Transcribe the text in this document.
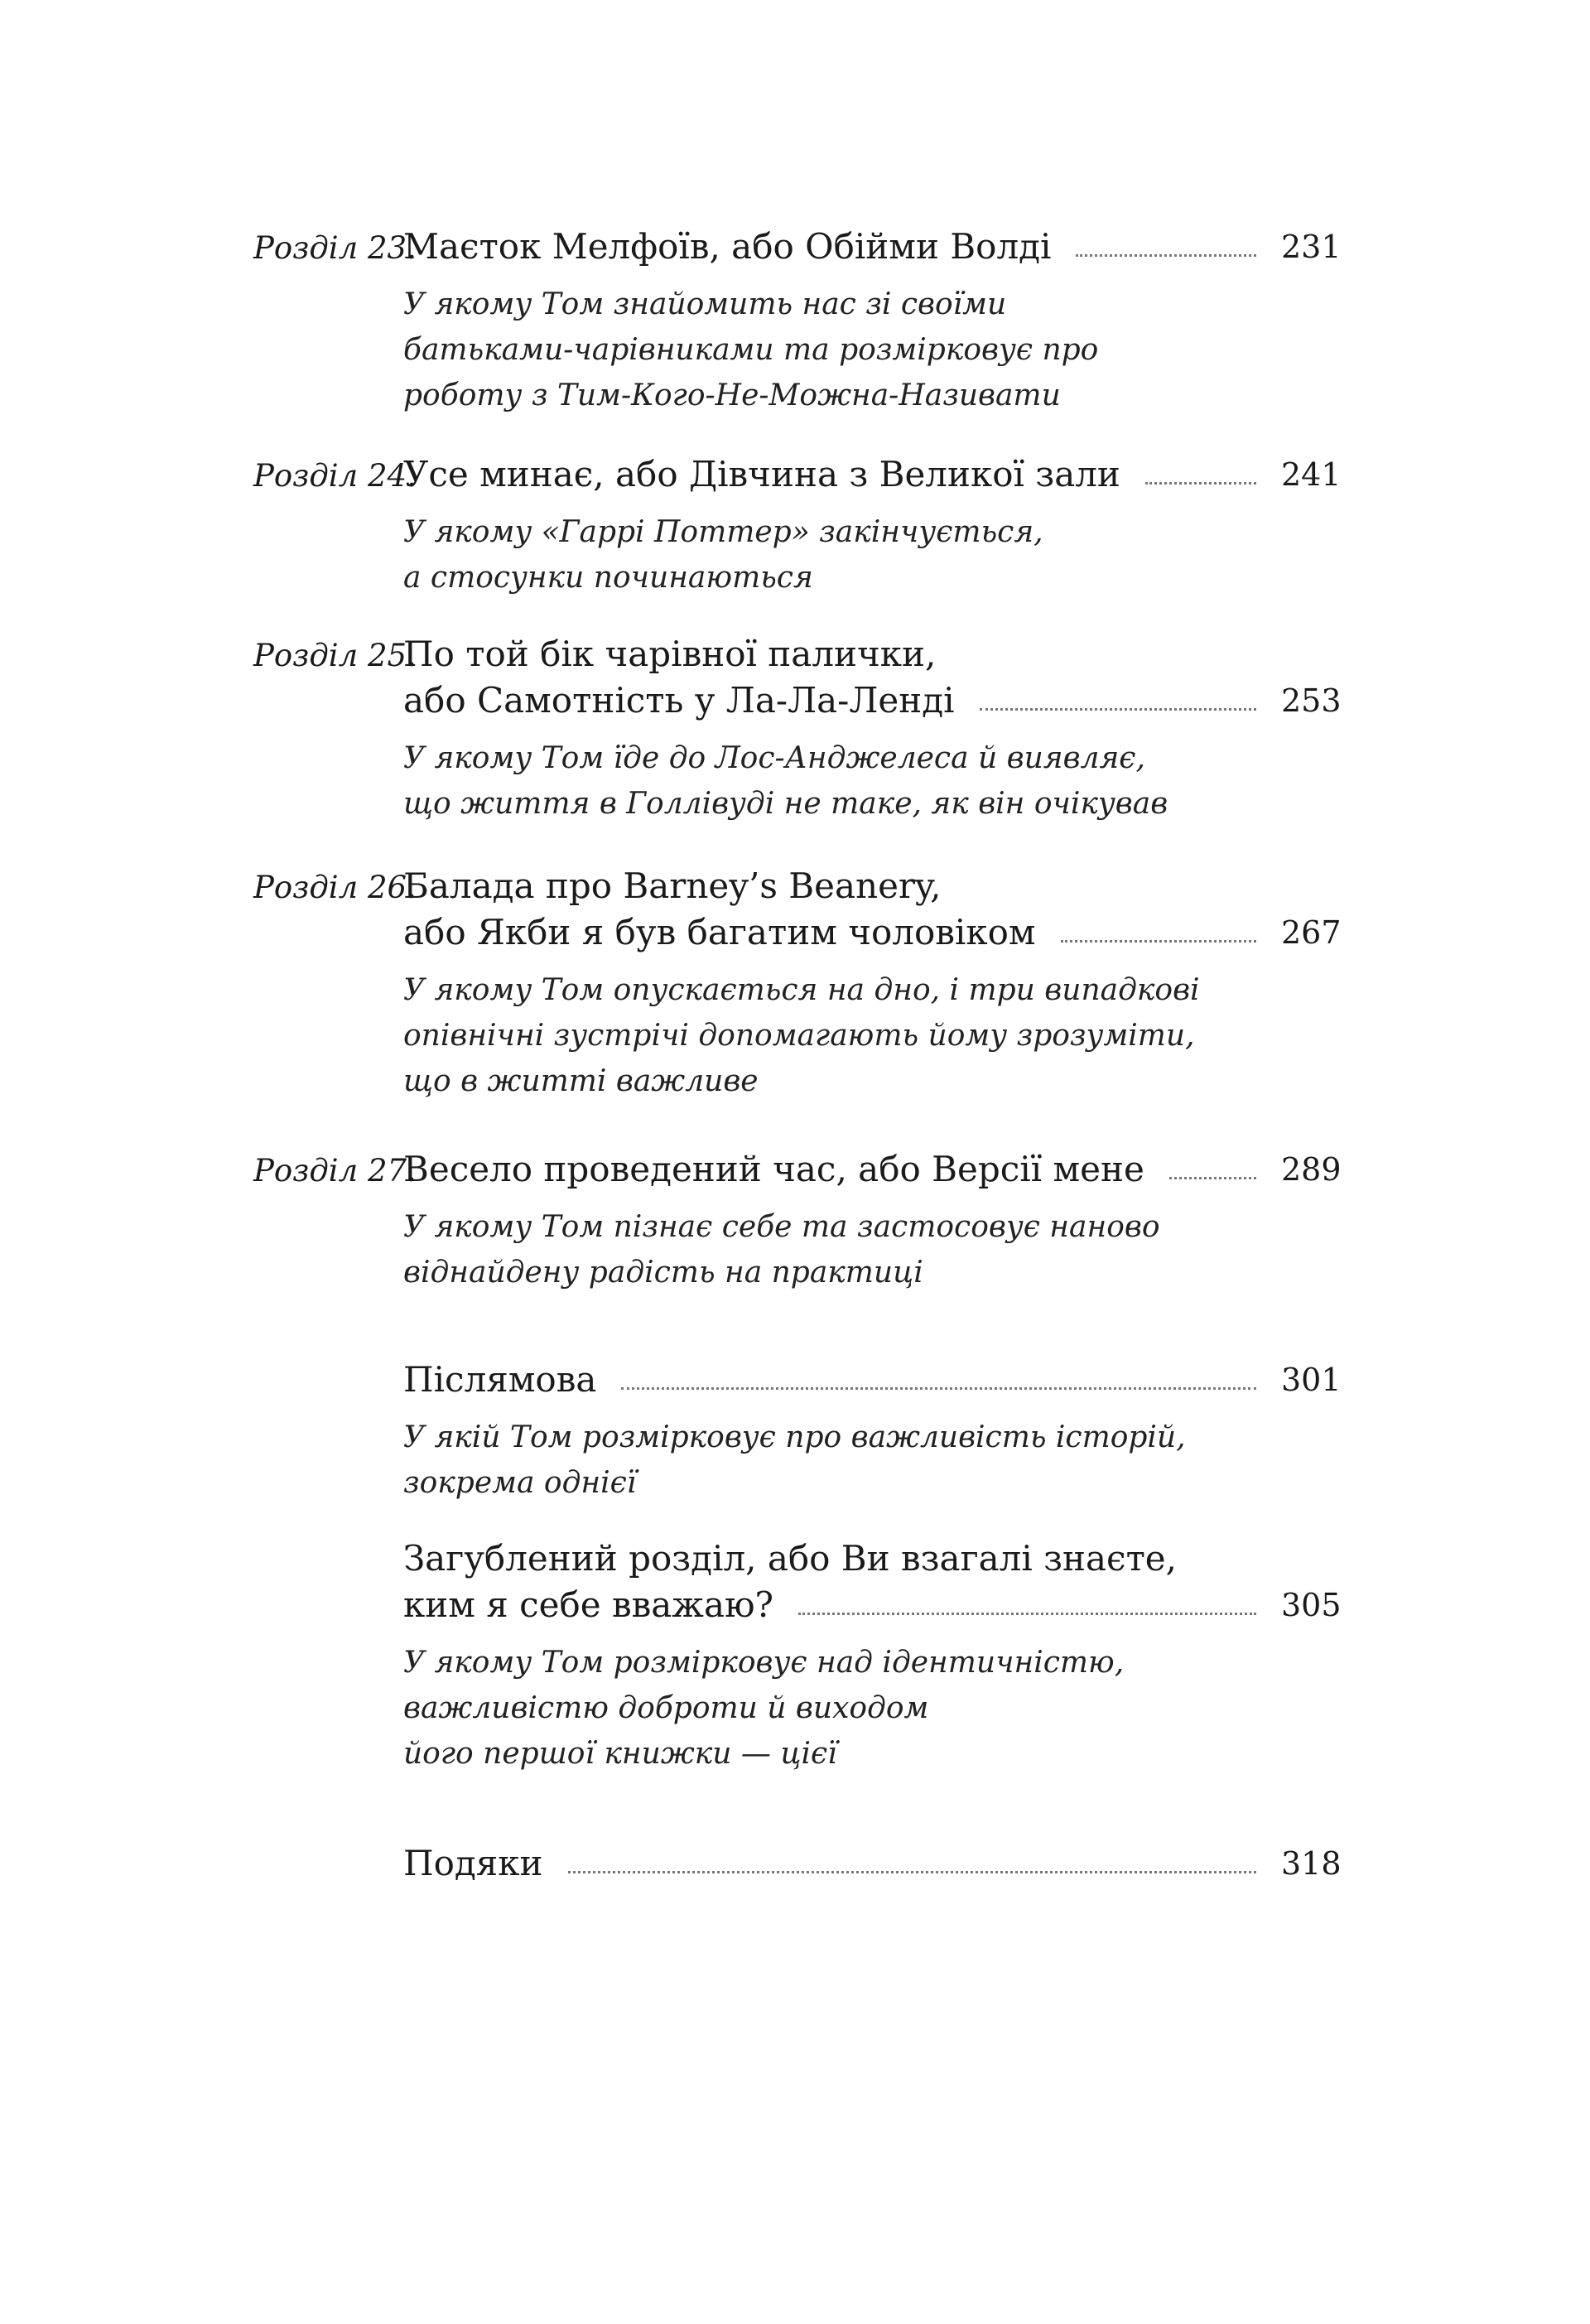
Розділ 23.
Маєток Мелфоїв, або Обійми Волді	231
У якому Том знайомить нас зі своїми
батьками-чарівниками та розмірковує про
роботу з Тим-Кого-Не-Можна-Називати
Розділ 24.
Усе минає, або Дівчина з Великої зали	241
У якому «Гаррі Поттер» закінчується,
а стосунки починаються
Розділ 25.
По той бік чарівної палички,
або Самотність у Ла-Ла-Ленді	253
У якому Том їде до Лос-Анджелеса й виявляє,
що життя в Голлівуді не таке, як він очікував
Розділ 26.
Балада про Barney’s Beanery,
або Якби я був багатим чоловіком	267
У якому Том опускається на дно, і три випадкові
опівнічні зустрічі допомагають йому зрозуміти,
що в житті важливе
Розділ 27.
Весело проведений час, або Версії мене	289
У якому Том пізнає себе та застосовує наново
віднайдену радість на практиці
Післямова	301
У якій Том розмірковує про важливість історій,
зокрема однієї
Загублений розділ, або Ви взагалі знаєте,
ким я себе вважаю?	305
У якому Том розмірковує над ідентичністю,
важливістю доброти й виходом
його першої книжки — цієї
Подяки	318
